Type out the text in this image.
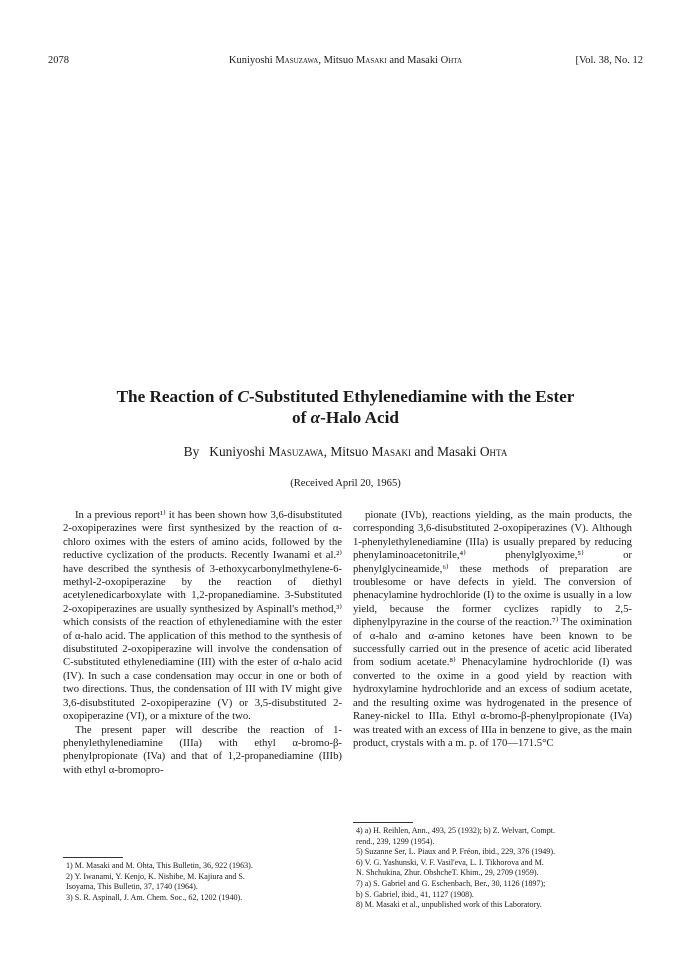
2078	Kuniyoshi Masuzawa, Mitsuo Masaki and Masaki Ohta	[Vol. 38, No. 12
The Reaction of C-Substituted Ethylenediamine with the Ester
of α-Halo Acid
By Kuniyoshi Masuzawa, Mitsuo Masaki and Masaki Ohta
(Received April 20, 1965)

In a previous report¹⁾ it has been shown how 3,6-disubstituted 2-oxopiperazines were first synthesized by the reaction of α-chloro oximes with the esters of amino acids, followed by the reductive cyclization of the products. Recently Iwanami et al.²⁾ have described the synthesis of 3-ethoxycarbonylmethylene-6-methyl-2-oxopiperazine by the reaction of diethyl acetylenedicarboxylate with 1,2-propanediamine. 3-Substituted 2-oxopiperazines are usually synthesized by Aspinall's method,³⁾ which consists of the reaction of ethylenediamine with the ester of α-halo acid. The application of this method to the synthesis of disubstituted 2-oxopiperazine will involve the condensation of C-substituted ethylenediamine (III) with the ester of α-halo acid (IV). In such a case condensation may occur in one or both of two directions. Thus, the condensation of III with IV might give 3,6-disubstituted 2-oxopiperazine (V) or 3,5-disubstituted 2-oxopiperazine (VI), or a mixture of the two.

The present paper will describe the reaction of 1-phenylethylenediamine (IIIa) with ethyl α-bromo-β-phenylpropionate (IVa) and that of 1,2-propanediamine (IIIb) with ethyl α-bromopro-

pionate (IVb), reactions yielding, as the main products, the corresponding 3,6-disubstituted 2-oxopiperazines (V). Although 1-phenylethylenediamine (IIIa) is usually prepared by reducing phenylaminoacetonitrile,⁴⁾ phenylglyoxime,⁵⁾ or phenylglycineamide,⁶⁾ these methods of preparation are troublesome or have defects in yield. The conversion of phenacylamine hydrochloride (I) to the oxime is usually in a low yield, because the former cyclizes rapidly to 2,5-diphenylpyrazine in the course of the reaction.⁷⁾ The oximination of α-halo and α-amino ketones have been known to be successfully carried out in the presence of acetic acid liberated from sodium acetate.⁸⁾ Phenacylamine hydrochloride (I) was converted to the oxime in a good yield by reaction with hydroxylamine hydrochloride and an excess of sodium acetate, and the resulting oxime was hydrogenated in the presence of Raney-nickel to IIIa. Ethyl α-bromo-β-phenylpropionate (IVa) was treated with an excess of IIIa in benzene to give, as the main product, crystals with a m. p. of 170—171.5°C

1) M. Masaki and M. Ohta, This Bulletin, 36, 922 (1963).
2) Y. Iwanami, Y. Kenjo, K. Nishibe, M. Kajiura and S.
Isoyama, This Bulletin, 37, 1740 (1964).
3) S. R. Aspinall, J. Am. Chem. Soc., 62, 1202 (1940).
4) a) H. Reihlen, Ann., 493, 25 (1932); b) Z. Welvart, Compt.
rend., 239, 1299 (1954).
5) Suzanne Ser, L. Piaux and P. Fréon, ibid., 229, 376 (1949).
6) V. G. Yashunski, V. F. Vasil'eva, L. I. Tikhorova and M.
N. Shchukina, Zhur. ObshcheT. Khim., 29, 2709 (1959).
7) a) S. Gabriel and G. Eschenbach, Ber., 30, 1126 (1897);
b) S. Gabriel, ibid., 41, 1127 (1908).
8) M. Masaki et al., unpublished work of this Laboratory.
